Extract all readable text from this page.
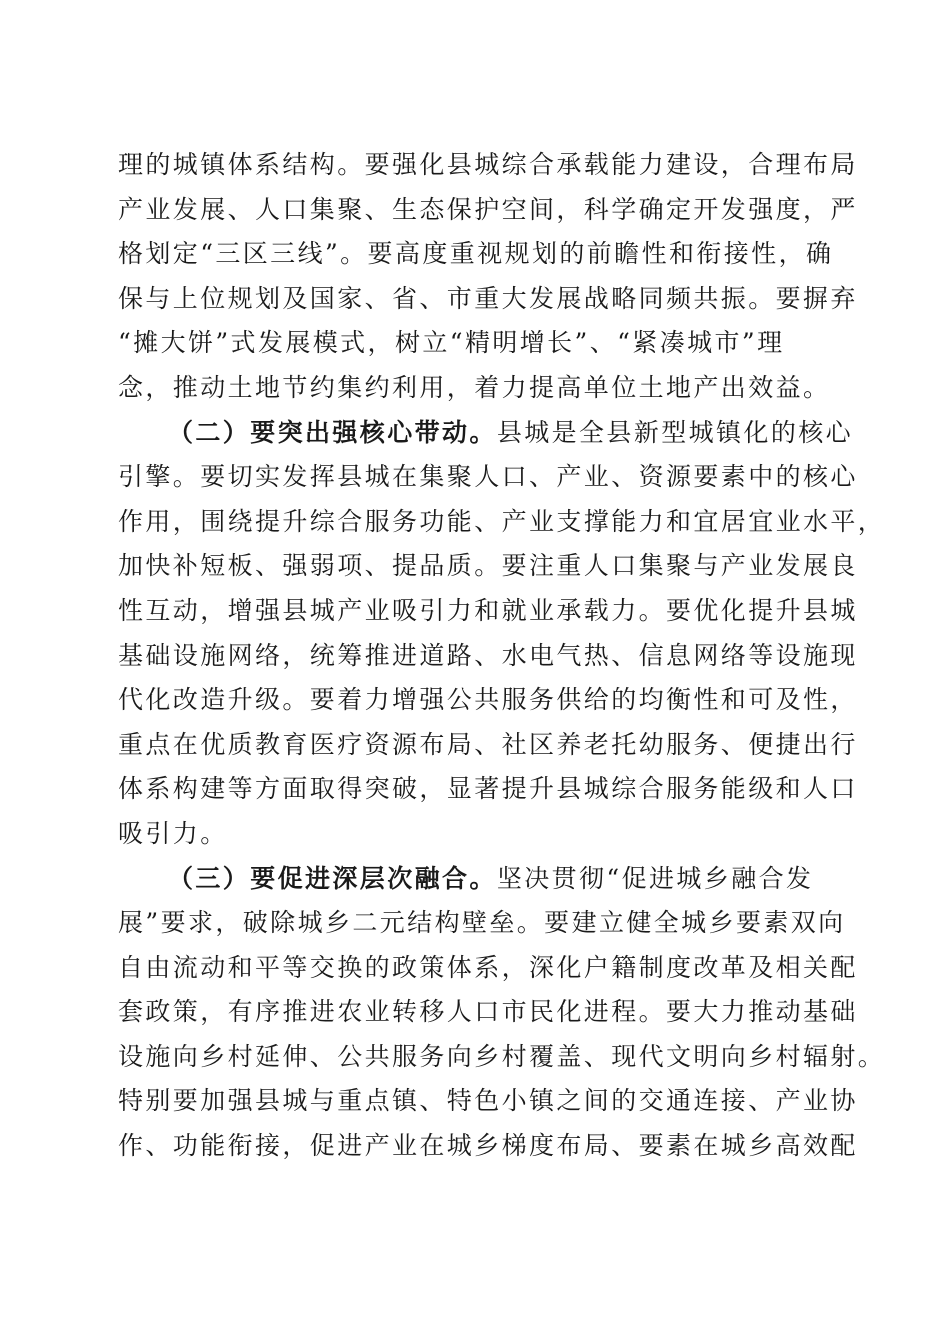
理的城镇体系结构。要强化县城综合承载能力建设，合理布局
产业发展、人口集聚、生态保护空间，科学确定开发强度，严
格划定“三区三线”。要高度重视规划的前瞻性和衔接性，确
保与上位规划及国家、省、市重大发展战略同频共振。要摒弃
“摊大饼”式发展模式，树立“精明增长”、“紧凑城市”理
念，推动土地节约集约利用，着力提高单位土地产出效益。
（二）要突出强核心带动。县城是全县新型城镇化的核心
引擎。要切实发挥县城在集聚人口、产业、资源要素中的核心
作用，围绕提升综合服务功能、产业支撑能力和宜居宜业水平，
加快补短板、强弱项、提品质。要注重人口集聚与产业发展良
性互动，增强县城产业吸引力和就业承载力。要优化提升县城
基础设施网络，统筹推进道路、水电气热、信息网络等设施现
代化改造升级。要着力增强公共服务供给的均衡性和可及性，
重点在优质教育医疗资源布局、社区养老托幼服务、便捷出行
体系构建等方面取得突破，显著提升县城综合服务能级和人口
吸引力。
（三）要促进深层次融合。坚决贯彻“促进城乡融合发
展”要求，破除城乡二元结构壁垒。要建立健全城乡要素双向
自由流动和平等交换的政策体系，深化户籍制度改革及相关配
套政策，有序推进农业转移人口市民化进程。要大力推动基础
设施向乡村延伸、公共服务向乡村覆盖、现代文明向乡村辐射。
特别要加强县城与重点镇、特色小镇之间的交通连接、产业协
作、功能衔接，促进产业在城乡梯度布局、要素在城乡高效配
